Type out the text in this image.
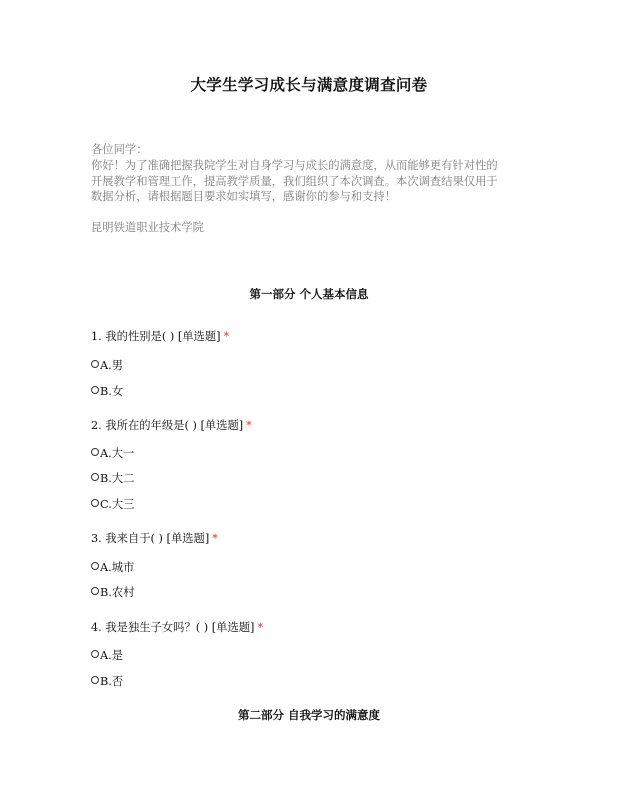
大学生学习成长与满意度调查问卷
各位同学：
你好！为了准确把握我院学生对自身学习与成长的满意度，从而能够更有针对性的
开展教学和管理工作，提高教学质量，我们组织了本次调查。本次调查结果仅用于
数据分析，请根据题目要求如实填写，感谢你的参与和支持！
昆明铁道职业技术学院
第一部分 个人基本信息
1. 我的性别是( ) [单选题] *
A.男
B.女
2. 我所在的年级是( ) [单选题] *
A.大一
B.大二
C.大三
3. 我来自于( ) [单选题] *
A.城市
B.农村
4. 我是独生子女吗？( ) [单选题] *
A.是
B.否
第二部分 自我学习的满意度
